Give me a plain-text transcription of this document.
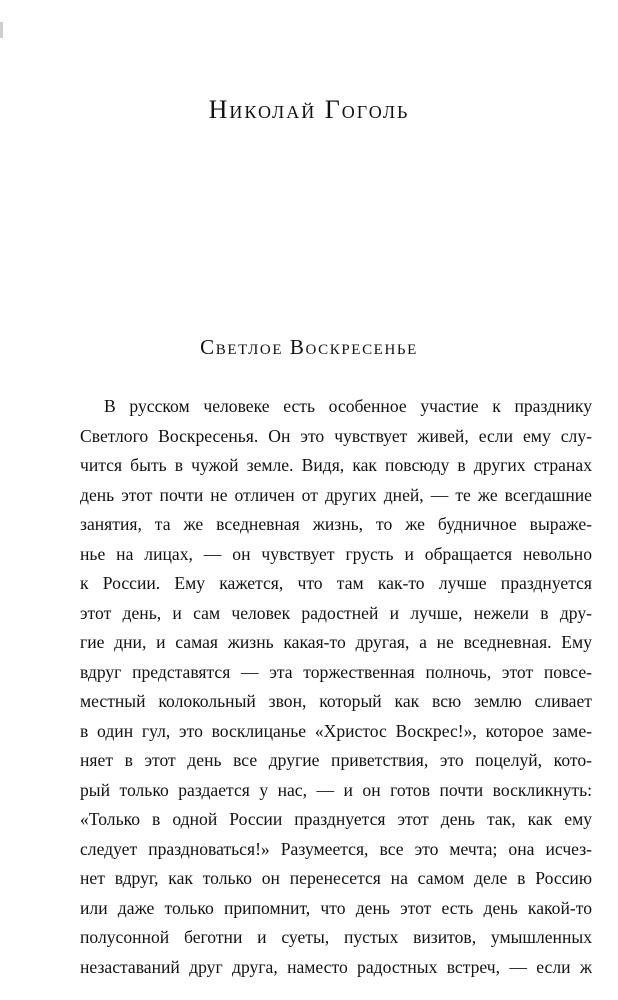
Николай Гоголь
Светлое Воскресенье
В русском человеке есть особенное участие к празднику
Светлого Воскресенья. Он это чувствует живей, если ему слу-
чится быть в чужой земле. Видя, как повсюду в других странах
день этот почти не отличен от других дней, — те же всегдашние
занятия, та же вседневная жизнь, то же будничное выраже-
нье на лицах, — он чувствует грусть и обращается невольно
к России. Ему кажется, что там как-то лучше празднуется
этот день, и сам человек радостней и лучше, нежели в дру-
гие дни, и самая жизнь какая-то другая, а не вседневная. Ему
вдруг представятся — эта торжественная полночь, этот повсе-
местный колокольный звон, который как всю землю сливает
в один гул, это восклицанье «Христос Воскрес!», которое заме-
няет в этот день все другие приветствия, это поцелуй, кото-
рый только раздается у нас, — и он готов почти воскликнуть:
«Только в одной России празднуется этот день так, как ему
следует праздноваться!» Разумеется, все это мечта; она исчез-
нет вдруг, как только он перенесется на самом деле в Россию
или даже только припомнит, что день этот есть день какой-то
полусонной беготни и суеты, пустых визитов, умышленных
незаставаний друг друга, наместо радостных встреч, — если ж
